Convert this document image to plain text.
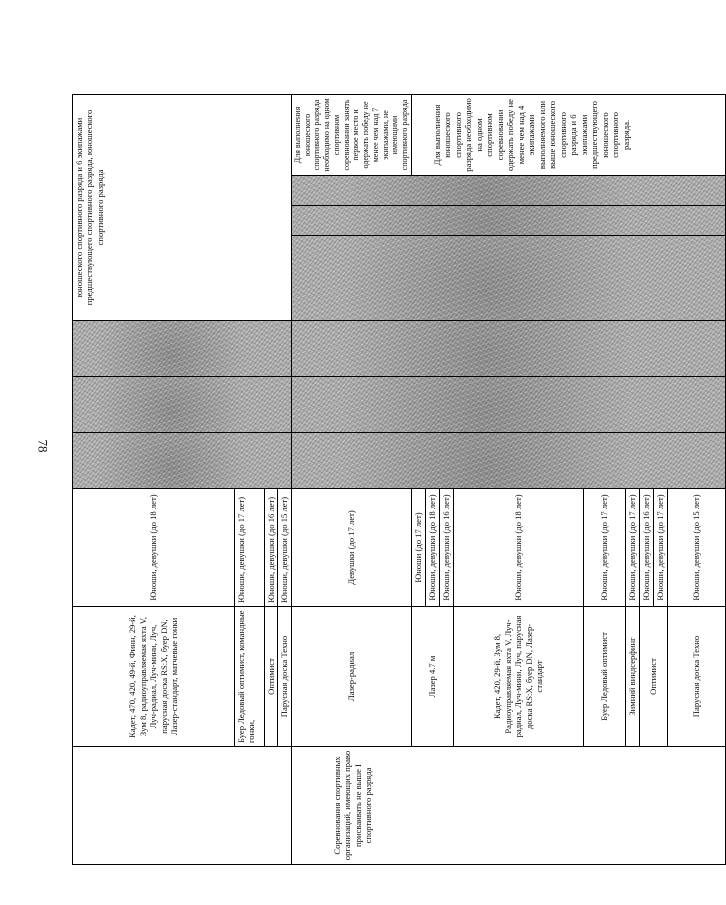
78
	Кадет, 470, 420, 49-й, Финн, 29-й, Зум 8, радиоуправляемая яхта V, Луч-радиал, Луч-мини, Луч, парусная доска RS:X, буер DN, Лазер-стандарт, матчевые гонки	Юноши, девушки (до 18 лет)				юношеского спортивного разряда и 6 экипажами предшествующего спортивного разряда, юношеского спортивного разряда			
	Буер Ледовый оптимист, командные гонки,	Юноши, девушки (до 17 лет)							
	Оптимист	Юноши, девушки (до 16 лет)							
	Парусная доска Техно	Юноши, девушки (до 15 лет)							
Соревнования спортивных организаций, имеющих право присваивать не выше I спортивного разряда	Лазер-радиал	Девушки (до 17 лет)							Для выполнения юношеского спортивного разряда необходимо на одном спортивном соревновании занять первое место и одержать победу не менее чем над 7 экипажами, не имеющими спортивного разряда
	Лазер 4.7 м	Юноши (до 17 лет)							Для выполнения юношеского спортивного разряда необходимо на одном спортивном соревновании одержать победу не менее чем над 4 экипажами выполняемого или выше юношеского спортивного разряда и 6 экипажами предшествующего юношеского спортивного разряда.
		Юноши, девушки (до 18 лет)							
		Юноши, девушки (до 16 лет)							
	Кадет, 420, 29-й, Зум 8, Радиоуправляемая яхта V, Луч-радиал, Луч-мини, Луч, парусная доска RS:X, буер DN, Лазер-стандарт	Юноши, девушки (до 18 лет)							
	Буер Ледовый оптимист	Юноши, девушки (до 17 лет)							
	Зимний виндсерфинг	Юноши, девушки (до 17 лет)							
	Оптимист	Юноши, девушки (до 16 лет)							
		Юноши, девушки (до 17 лет)							
	Парусная доска Техно	Юноши, девушки (до 15 лет)							
